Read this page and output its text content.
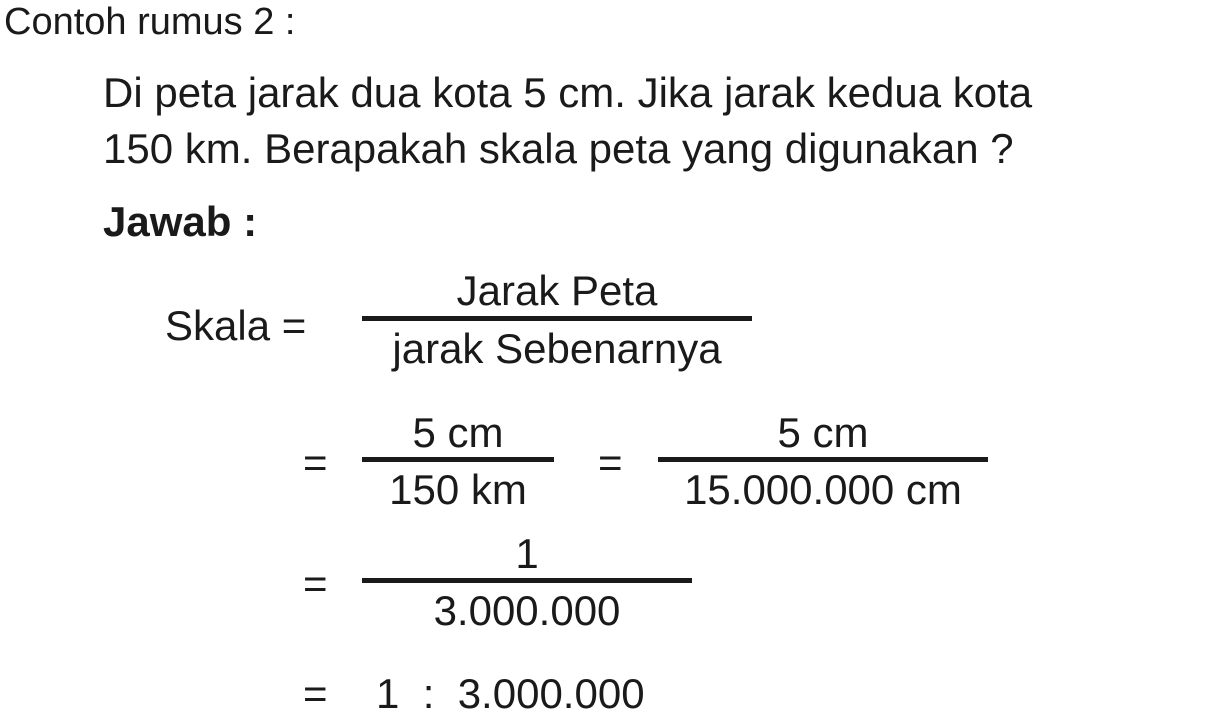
Contoh rumus 2 :
Di peta jarak dua kota 5 cm. Jika jarak kedua kota
150 km. Berapakah skala peta yang digunakan ?
Jawab :
Skala =
Jarak Peta
jarak Sebenarnya
=
5 cm
150 km
=
5 cm
15.000.000 cm
=
1
3.000.000
= 1  :  3.000.000
